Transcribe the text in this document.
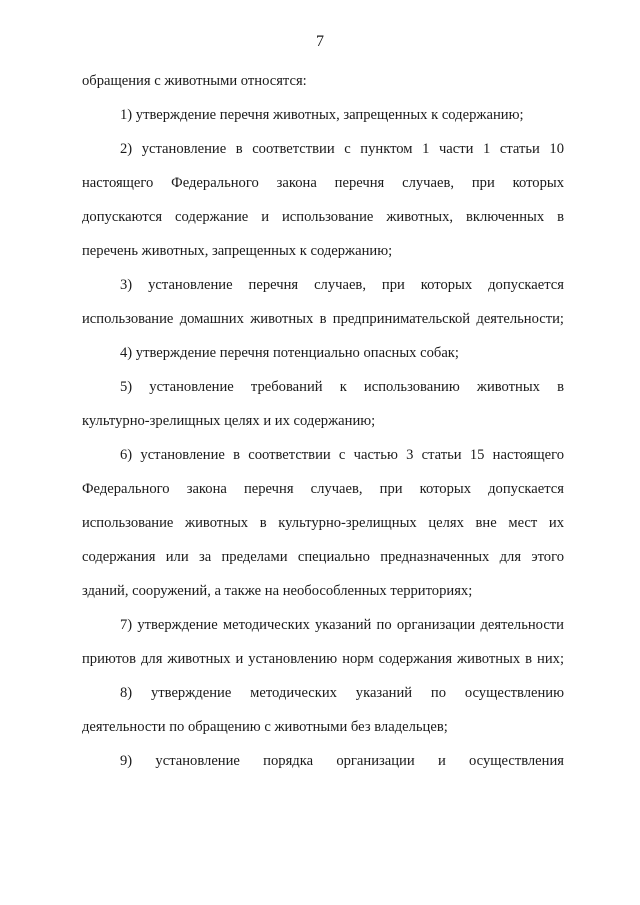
7
обращения с животными относятся:
1) утверждение перечня животных, запрещенных к содержанию;
2) установление в соответствии с пунктом 1 части 1 статьи 10
настоящего Федерального закона перечня случаев, при которых
допускаются содержание и использование животных, включенных в
перечень животных, запрещенных к содержанию;
3) установление перечня случаев, при которых допускается
использование домашних животных в предпринимательской деятельности;
4) утверждение перечня потенциально опасных собак;
5) установление требований к использованию животных в
культурно-зрелищных целях и их содержанию;
6) установление в соответствии с частью 3 статьи 15 настоящего
Федерального закона перечня случаев, при которых допускается
использование животных в культурно-зрелищных целях вне мест их
содержания или за пределами специально предназначенных для этого
зданий, сооружений, а также на необособленных территориях;
7) утверждение методических указаний по организации деятельности
приютов для животных и установлению норм содержания животных в них;
8) утверждение методических указаний по осуществлению
деятельности по обращению с животными без владельцев;
9) установление порядка организации и осуществления
